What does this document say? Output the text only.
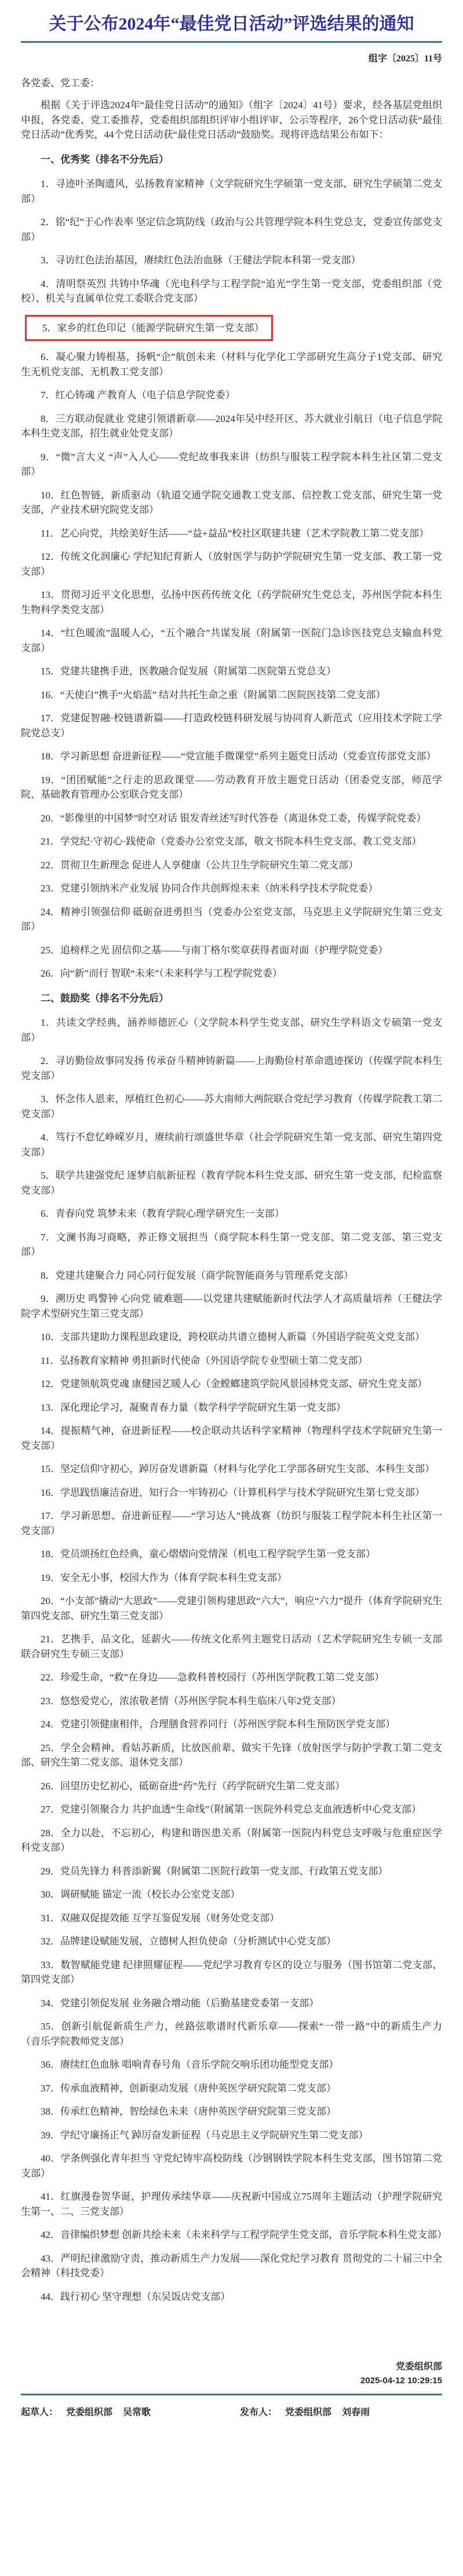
关于公布2024年“最佳党日活动”评选结果的通知

组字〔2025〕11号

各党委、党工委：

根据《关于评选2024年“最佳党日活动”的通知》（组字〔2024〕41号）要求，经各基层党组织申报，各党委、党工委推荐，党委组织部组织评审小组评审、公示等程序，26个党日活动获“最佳党日活动”优秀奖，44个党日活动获“最佳党日活动”鼓励奖。现将评选结果公布如下：

一、优秀奖（排名不分先后）

1．寻迹叶圣陶遗风，弘扬教育家精神（文学院研究生学硕第一党支部、研究生学硕第二党支部）

2．铭“纪”于心作表率 坚定信念筑防线（政治与公共管理学院本科生党总支，党委宣传部党支部）

3．寻访红色法治基因，赓续红色法治血脉（王健法学院本科第一党支部）

4．清明祭英烈 共铸中华魂（光电科学与工程学院“追光”学生第一党支部，党委组织部（党校）、机关与直属单位党工委联合党支部）

5．家乡的红色印记（能源学院研究生第一党支部）

6．凝心聚力铸根基，扬帆“企”航创未来（材料与化学化工学部研究生高分子1党支部、研究生无机党支部、无机教工党支部）

7．红心铸魂 产教育人（电子信息学院党委）

8．三方联动促就业 党建引领谱新章——2024年吴中经开区、苏大就业引航日（电子信息学院本科生党支部，招生就业处党支部）

9．“微”言大义 “声”入人心——党纪故事我来讲（纺织与服装工程学院本科生社区第二党支部）

10．红色智链，新质驱动（轨道交通学院交通教工党支部、信控教工党支部、研究生第一党支部，产业技术研究院党支部）

11．艺心向党，共绘美好生活——“益+益品”校社区联建共建（艺术学院教工第二党支部）

12．传统文化润廉心 学纪知纪育新人（放射医学与防护学院研究生第一党支部、教工第一党支部）

13．贯彻习近平文化思想，弘扬中医药传统文化（药学院研究生党总支，苏州医学院本科生生物科学类党支部）

14．“红色暖流”温暖人心，“五个融合”共谋发展（附属第一医院门急诊医技党总支输血科党支部）

15．党建共建携手进，医教融合促发展（附属第二医院第五党总支）

16．“天使白”携手“火焰蓝” 结对共托生命之重（附属第二医院医技第二党支部）

17．党建促智融·校链谱新篇——打造政校链科研发展与协同育人新范式（应用技术学院工学院党总支）

18．学习新思想 奋进新征程——“党宣能手微课堂”系列主题党日活动（党委宣传部党支部）

19．“团团赋能”之行走的思政课堂——劳动教育开放主题党日活动（团委党支部，师范学院、基础教育管理办公室联合党支部）

20．“影像里的中国梦”时空对话 银发青丝述写时代答卷（离退休党工委，传媒学院党委）

21．学党纪·守初心·践使命（党委办公室党支部，敬文书院本科生党支部、教工党支部）

22．贯彻卫生新理念 促进人人享健康（公共卫生学院研究生第二党支部）

23．党建引领纳米产业发展 协同合作共创辉煌未来（纳米科学技术学院党委）

24．精神引领强信仰 砥砺奋进勇担当（党委办公室党支部，马克思主义学院研究生第三党支部）

25．追榜样之光 固信仰之基——与南丁格尔奖章获得者面对面（护理学院党委）

26．向“新”而行 智联“未来”（未来科学与工程学院党委）

二、鼓励奖（排名不分先后）

1．共读文学经典，涵养师德匠心（文学院本科学生党支部、研究生学科语文专硕第一党支部）

2．寻访勤俭故事同发扬 传承奋斗精神铸新篇——上海勤俭村革命遗迹探访（传媒学院本科生党支部）

3．怀念伟人恩来，厚植红色初心——苏大南师大两院联合党纪学习教育（传媒学院教工第二党支部）

4．笃行不怠忆峥嵘岁月，赓续前行颂盛世华章（社会学院研究生第一党支部、研究生第四党支部）

5．联学共建强党纪 逐梦启航新征程（教育学院本科生党支部、研究生第一党支部，纪检监察党支部）

6．青春向党 筑梦未来（教育学院心理学研究生一支部）

7．文澜书海习商略，养正修文展担当（商学院本科生第一党支部、第二党支部、第三党支部）

8．党建共建聚合力 同心同行促发展（商学院智能商务与管理系党支部）

9．溯历史 鸣警钟 心向党 破难题——以党建共建赋能新时代法学人才高质量培养（王健法学院学术型研究生第三党支部）

10．支部共建助力课程思政建设，跨校联动共谱立德树人新篇（外国语学院英文党支部）

11．弘扬教育家精神 勇担新时代使命（外国语学院专业型硕士第二党支部）

12．党建领航筑党魂 康健园艺暖人心（金螳螂建筑学院风景园林党支部、研究生党支部）

13．深化理论学习，凝聚青春力量（数学科学学院研究生第一党支部）

14．提振精气神，奋进新征程——校企联动共话科学家精神（物理科学技术学院研究生第一党支部）

15．坚定信仰守初心，踔厉奋发谱新篇（材料与化学化工学部各研究生支部、本科生支部）

16．学思践悟廉洁奋进，知行合一牢铸初心（计算机科学与技术学院研究生第七党支部）

17．学习新思想、奋进新征程——“学习达人”挑战赛（纺织与服装工程学院本科生社区第一党支部）

18．党员颂扬红色经典，童心熠熠向党情深（机电工程学院学生第一党支部）

19．安全无小事，校园大作为（体育学院本科生党支部）

20．“小支部”撬动“大思政”——党建引领构建思政“六大”，响应“六力”提升（体育学院研究生第四党支部、研究生第三党支部）

21．艺携手，品文化，延薪火——传统文化系列主题党日活动（艺术学院研究生专硕一支部联合研究生专硕三支部）

22．珍爱生命，“救”在身边——急救科普校园行（苏州医学院教工第二党支部）

23．悠悠爱党心，浓浓敬老情（苏州医学院本科生临床八年2党支部）

24．党建引领健康相伴，合理膳食营养同行（苏州医学院本科生预防医学党支部）

25．学全会精神、看姑苏新质，比放医前辈、做实干先锋（放射医学与防护学教工第二党支部、研究生第二党支部、退休党支部）

26．回望历史忆初心，砥砺奋进“药”先行（药学院研究生第二党支部）

27．党建引领聚合力 共护血透“生命线”（附属第一医院外科党总支血液透析中心党支部）

28．全力以赴，不忘初心，构建和谐医患关系（附属第一医院内科党总支呼吸与危重症医学科党支部）

29．党员先锋力 科普添新翼（附属第二医院行政第一党支部、行政第五党支部）

30．调研赋能 锚定一流（校长办公室党支部）

31．双融双促提效能 互学互鉴促发展（财务处党支部）

32．品牌建设赋能发展，立德树人担负使命（分析测试中心党支部）

33．数智赋能党建 纪律照耀征程——党纪学习教育专区的设立与服务（图书馆第二党支部、第四党支部）

34．党建引领促发展 业务融合增动能（后勤基建党委第一支部）

35．创新引航促新质生产力，丝路弦歌谱时代新乐章——探索“一带一路”中的新质生产力（音乐学院教师党支部）

36．赓续红色血脉 唱响青春号角（音乐学院交响乐团功能型党支部）

37．传承血液精神，创新驱动发展（唐仲英医学研究院第二党支部）

38．传承红色精神，智绘绿色未来（唐仲英医学研究院第三党支部）

39．学纪守廉扬正气 踔厉奋发新征程（马克思主义学院研究生第二党支部）

40．学条例强化青年担当 守党纪铸牢高校防线（沙钢钢铁学院本科生党支部，图书馆第二党支部）

41．红旗漫卷贺华诞，护理传承续华章——庆祝新中国成立75周年主题活动（护理学院研究生第一、二、三党支部）

42．音律编织梦想 创新共绘未来（未来科学与工程学院学生党支部，音乐学院本科生党支部）

43．严明纪律激励守责，推动新质生产力发展——深化党纪学习教育 贯彻党的二十届三中全会精神（科技党委）

44．践行初心 坚守理想（东吴饭店党支部）

党委组织部

2025-04-12 10:29:15

起草人： 党委组织部 吴常歌	发布人： 党委组织部 刘春雨
